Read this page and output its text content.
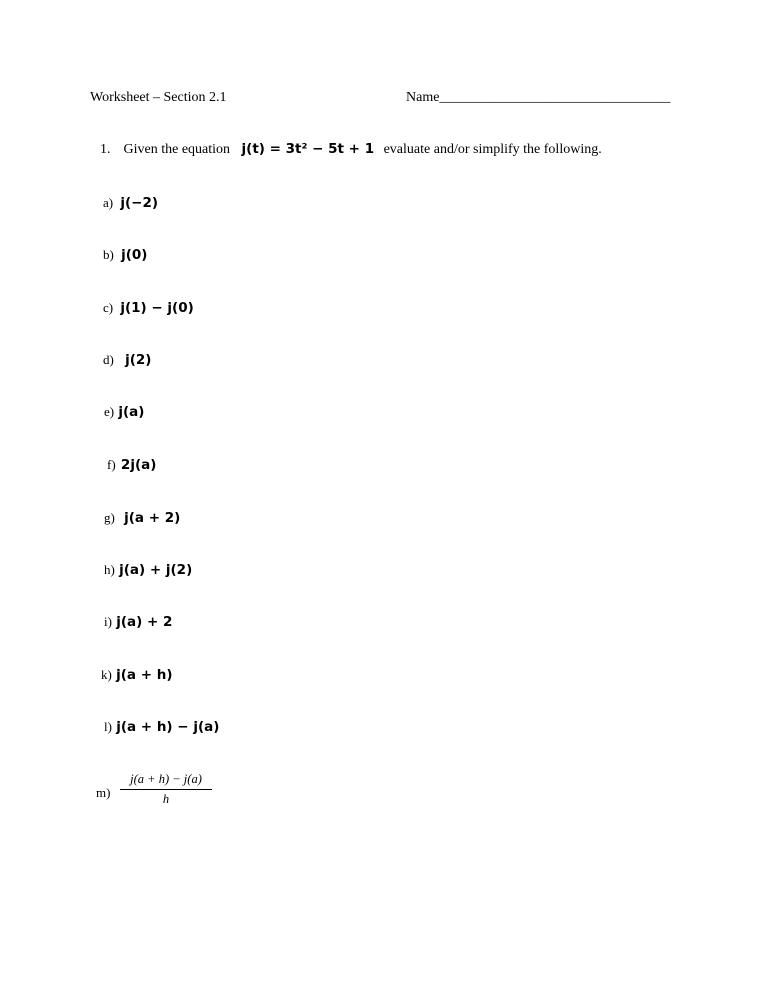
Worksheet – Section 2.1	Name_________________________________
1. Given the equation j(t) = 3t² − 5t + 1 evaluate and/or simplify the following.
a) j(−2)
b) j(0)
c) j(1) − j(0)
d) j(2)
e) j(a)
f) 2j(a)
g) j(a + 2)
h) j(a) + j(2)
i) j(a) + 2
k) j(a + h)
l) j(a + h) − j(a)
$m) \frac{j(a + h) - j(a)}{h}$
